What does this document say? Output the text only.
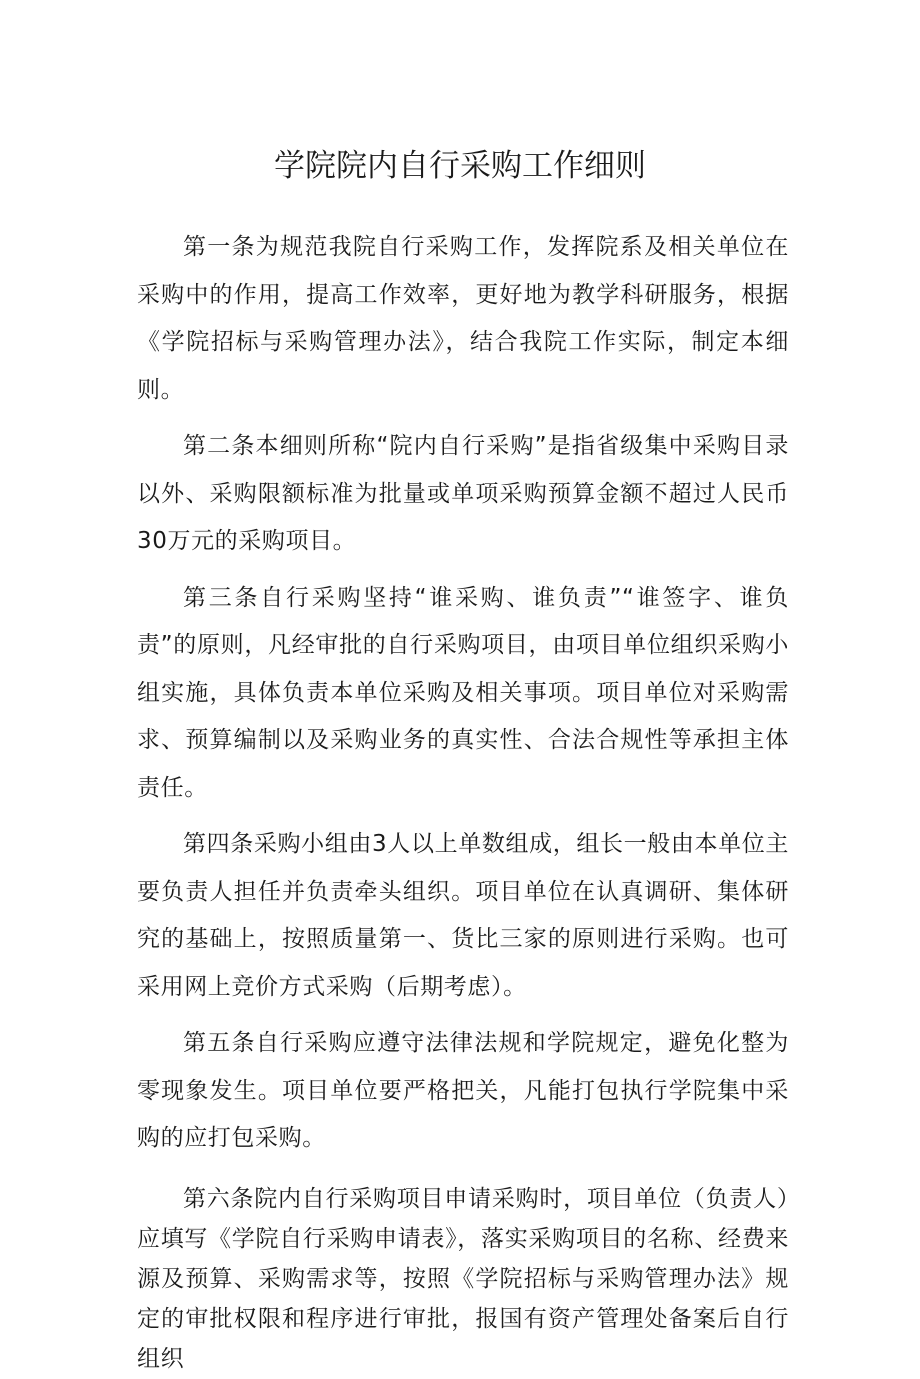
学院院内自行采购工作细则

第一条为规范我院自行采购工作，发挥院系及相关单位在采购中的作用，提高工作效率，更好地为教学科研服务，根据《学院招标与采购管理办法》，结合我院工作实际，制定本细则。

第二条本细则所称“院内自行采购”是指省级集中采购目录以外、采购限额标准为批量或单项采购预算金额不超过人民币30万元的采购项目。

第三条自行采购坚持“谁采购、谁负责”“谁签字、谁负责”的原则，凡经审批的自行采购项目，由项目单位组织采购小组实施，具体负责本单位采购及相关事项。项目单位对采购需求、预算编制以及采购业务的真实性、合法合规性等承担主体责任。

第四条采购小组由3人以上单数组成，组长一般由本单位主要负责人担任并负责牵头组织。项目单位在认真调研、集体研究的基础上，按照质量第一、货比三家的原则进行采购。也可采用网上竞价方式采购（后期考虑）。

第五条自行采购应遵守法律法规和学院规定，避免化整为零现象发生。项目单位要严格把关，凡能打包执行学院集中采购的应打包采购。

第六条院内自行采购项目申请采购时，项目单位（负责人）应填写《学院自行采购申请表》，落实采购项目的名称、经费来源及预算、采购需求等，按照《学院招标与采购管理办法》规定的审批权限和程序进行审批，报国有资产管理处备案后自行组织
